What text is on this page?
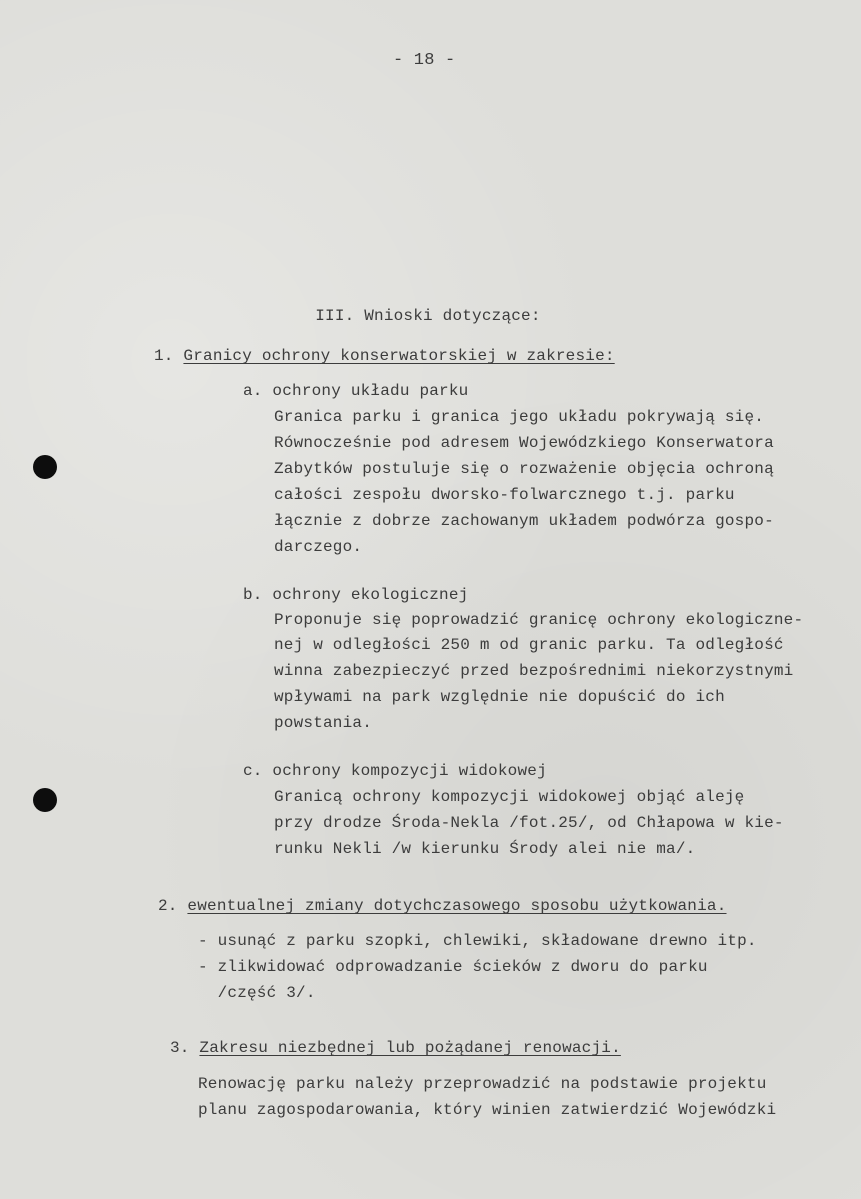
- 18 -

III. Wnioski dotyczące:

1. Granicy ochrony konserwatorskiej w zakresie:
a. ochrony układu parku
Granica parku i granica jego układu pokrywają się.
Równocześnie pod adresem Wojewódzkiego Konserwatora
Zabytków postuluje się o rozważenie objęcia ochroną
całości zespołu dworsko-folwarcznego t.j. parku
łącznie z dobrze zachowanym układem podwórza gospo-
darczego.
b. ochrony ekologicznej
Proponuje się poprowadzić granicę ochrony ekologiczne-
nej w odległości 250 m od granic parku. Ta odległość
winna zabezpieczyć przed bezpośrednimi niekorzystnymi
wpływami na park względnie nie dopuścić do ich
powstania.
c. ochrony kompozycji widokowej
Granicą ochrony kompozycji widokowej objąć aleję
przy drodze Środa-Nekla /fot.25/, od Chłapowa w kie-
runku Nekli /w kierunku Środy alei nie ma/.
2. ewentualnej zmiany dotychczasowego sposobu użytkowania.
- usunąć z parku szopki, chlewiki, składowane drewno itp.
- zlikwidować odprowadzanie ścieków z dworu do parku
/część 3/.
3. Zakresu niezbędnej lub pożądanej renowacji.
Renowację parku należy przeprowadzić na podstawie projektu
planu zagospodarowania, który winien zatwierdzić Wojewódzki
